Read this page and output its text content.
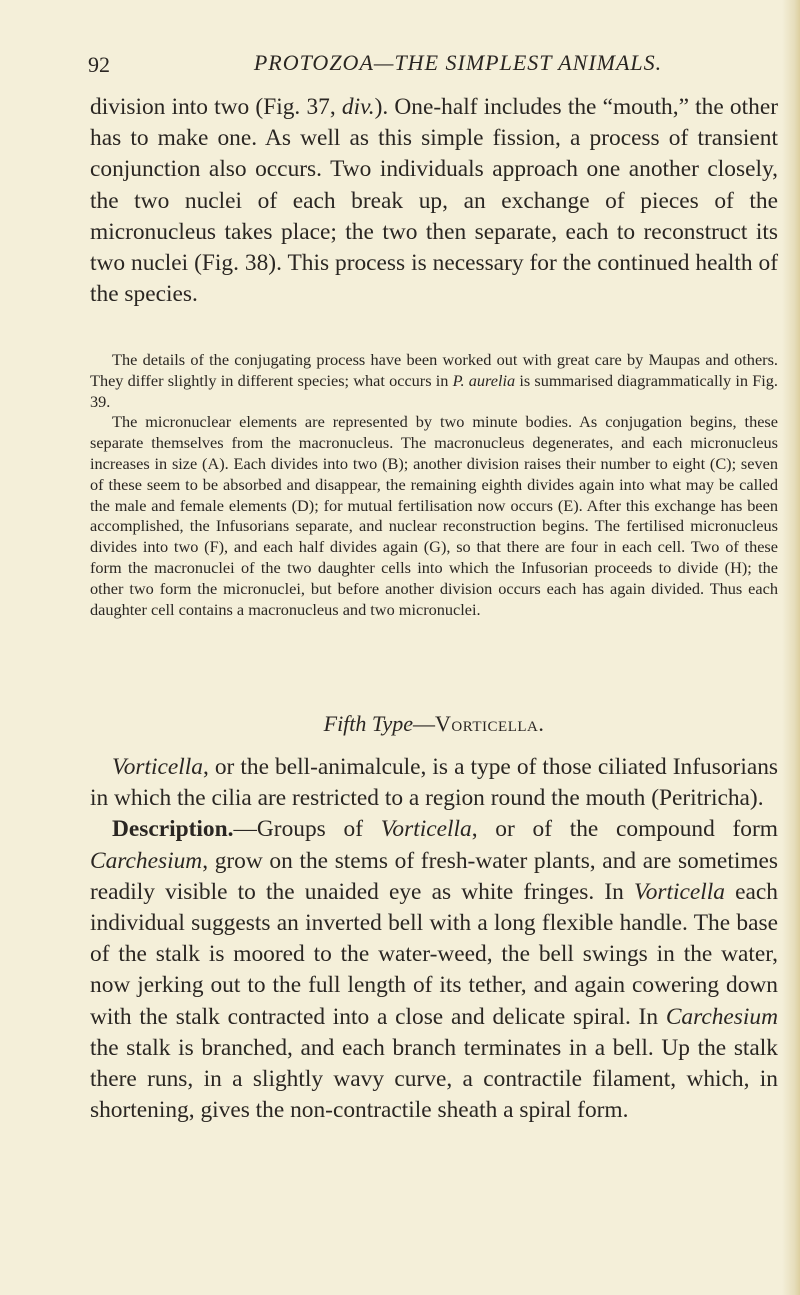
92	PROTOZOA—THE SIMPLEST ANIMALS.

division into two (Fig. 37, div.). One-half includes the “mouth,” the other has to make one. As well as this simple fission, a process of transient conjunction also occurs. Two individuals approach one another closely, the two nuclei of each break up, an exchange of pieces of the micronucleus takes place; the two then separate, each to reconstruct its two nuclei (Fig. 38). This process is necessary for the continued health of the species.

The details of the conjugating process have been worked out with great care by Maupas and others. They differ slightly in different species; what occurs in P. aurelia is summarised diagrammatically in Fig. 39.

The micronuclear elements are represented by two minute bodies. As conjugation begins, these separate themselves from the macronucleus. The macronucleus degenerates, and each micronucleus increases in size (A). Each divides into two (B); another division raises their number to eight (C); seven of these seem to be absorbed and disappear, the remaining eighth divides again into what may be called the male and female elements (D); for mutual fertilisation now occurs (E). After this exchange has been accomplished, the Infusorians separate, and nuclear reconstruction begins. The fertilised micronucleus divides into two (F), and each half divides again (G), so that there are four in each cell. Two of these form the macronuclei of the two daughter cells into which the Infusorian proceeds to divide (H); the other two form the micronuclei, but before another division occurs each has again divided. Thus each daughter cell contains a macronucleus and two micronuclei.

Fifth Type—Vorticella.

Vorticella, or the bell-animalcule, is a type of those ciliated Infusorians in which the cilia are restricted to a region round the mouth (Peritricha).

Description.—Groups of Vorticella, or of the compound form Carchesium, grow on the stems of fresh-water plants, and are sometimes readily visible to the unaided eye as white fringes. In Vorticella each individual suggests an inverted bell with a long flexible handle. The base of the stalk is moored to the water-weed, the bell swings in the water, now jerking out to the full length of its tether, and again cowering down with the stalk contracted into a close and delicate spiral. In Carchesium the stalk is branched, and each branch terminates in a bell. Up the stalk there runs, in a slightly wavy curve, a contractile filament, which, in shortening, gives the non-contractile sheath a spiral form.
